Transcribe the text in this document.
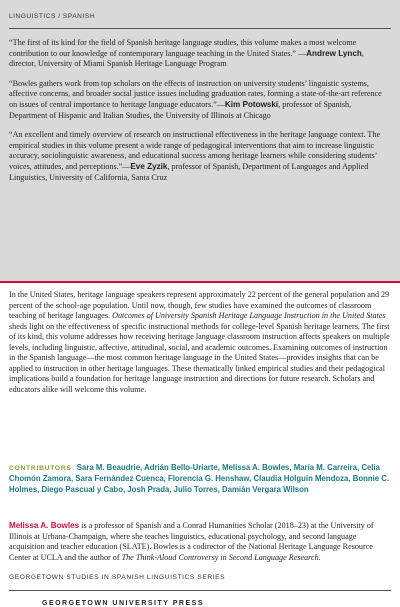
LINGUISTICS / SPANISH

“The first of its kind for the field of Spanish heritage language studies, this volume makes a most welcome contribution to our knowledge of contemporary language teaching in the United States.” —Andrew Lynch, director, University of Miami Spanish Heritage Language Program

“Bowles gathers work from top scholars on the effects of instruction on university students’ linguistic systems, affective concerns, and broader social justice issues including graduation rates, forming a state-of-the-art reference on issues of central importance to heritage language educators.”—Kim Potowski, professor of Spanish, Department of Hispanic and Italian Studies, the University of Illinois at Chicago

“An excellent and timely overview of research on instructional effectiveness in the heritage language context. The empirical studies in this volume present a wide range of pedagogical interventions that aim to increase linguistic accuracy, sociolinguistic awareness, and educational success among heritage learners while considering students’ voices, attitudes, and perceptions.”—Eve Zyzik, professor of Spanish, Department of Languages and Applied Linguistics, University of California, Santa Cruz

In the United States, heritage language speakers represent approximately 22 percent of the general population and 29 percent of the school-age population. Until now, though, few studies have examined the outcomes of classroom teaching of heritage languages. Outcomes of University Spanish Heritage Language Instruction in the United States sheds light on the effectiveness of specific instructional methods for college-level Spanish heritage learners. The first of its kind, this volume addresses how receiving heritage language classroom instruction affects speakers on multiple levels, including linguistic, affective, attitudinal, social, and academic outcomes. Examining outcomes of instruction in the Spanish language—the most common heritage language in the United States—provides insights that can be applied to instruction in other heritage languages. These thematically linked empirical studies and their pedagogical implications build a foundation for heritage language instruction and directions for future research. Scholars and educators alike will welcome this volume.

CONTRIBUTORS Sara M. Beaudrie, Adrián Bello-Uriarte, Melissa A. Bowles, María M. Carreira, Celia Chomón Zamora, Sara Fernández Cuenca, Florencia G. Henshaw, Claudia Holguín Mendoza, Bonnie C. Holmes, Diego Pascual y Cabo, Josh Prada, Julio Torres, Damián Vergara Wilson

Melissa A. Bowles is a professor of Spanish and a Conrad Humanities Scholar (2018–23) at the University of Illinois at Urbana-Champaign, where she teaches linguistics, educational psychology, and second language acquisition and teacher education (SLATE). Bowles is a codirector of the National Heritage Language Resource Center at UCLA and the author of The Think-Aloud Controversy in Second Language Research.

GEORGETOWN STUDIES IN SPANISH LINGUISTICS SERIES
GEORGETOWN UNIVERSITY PRESS
